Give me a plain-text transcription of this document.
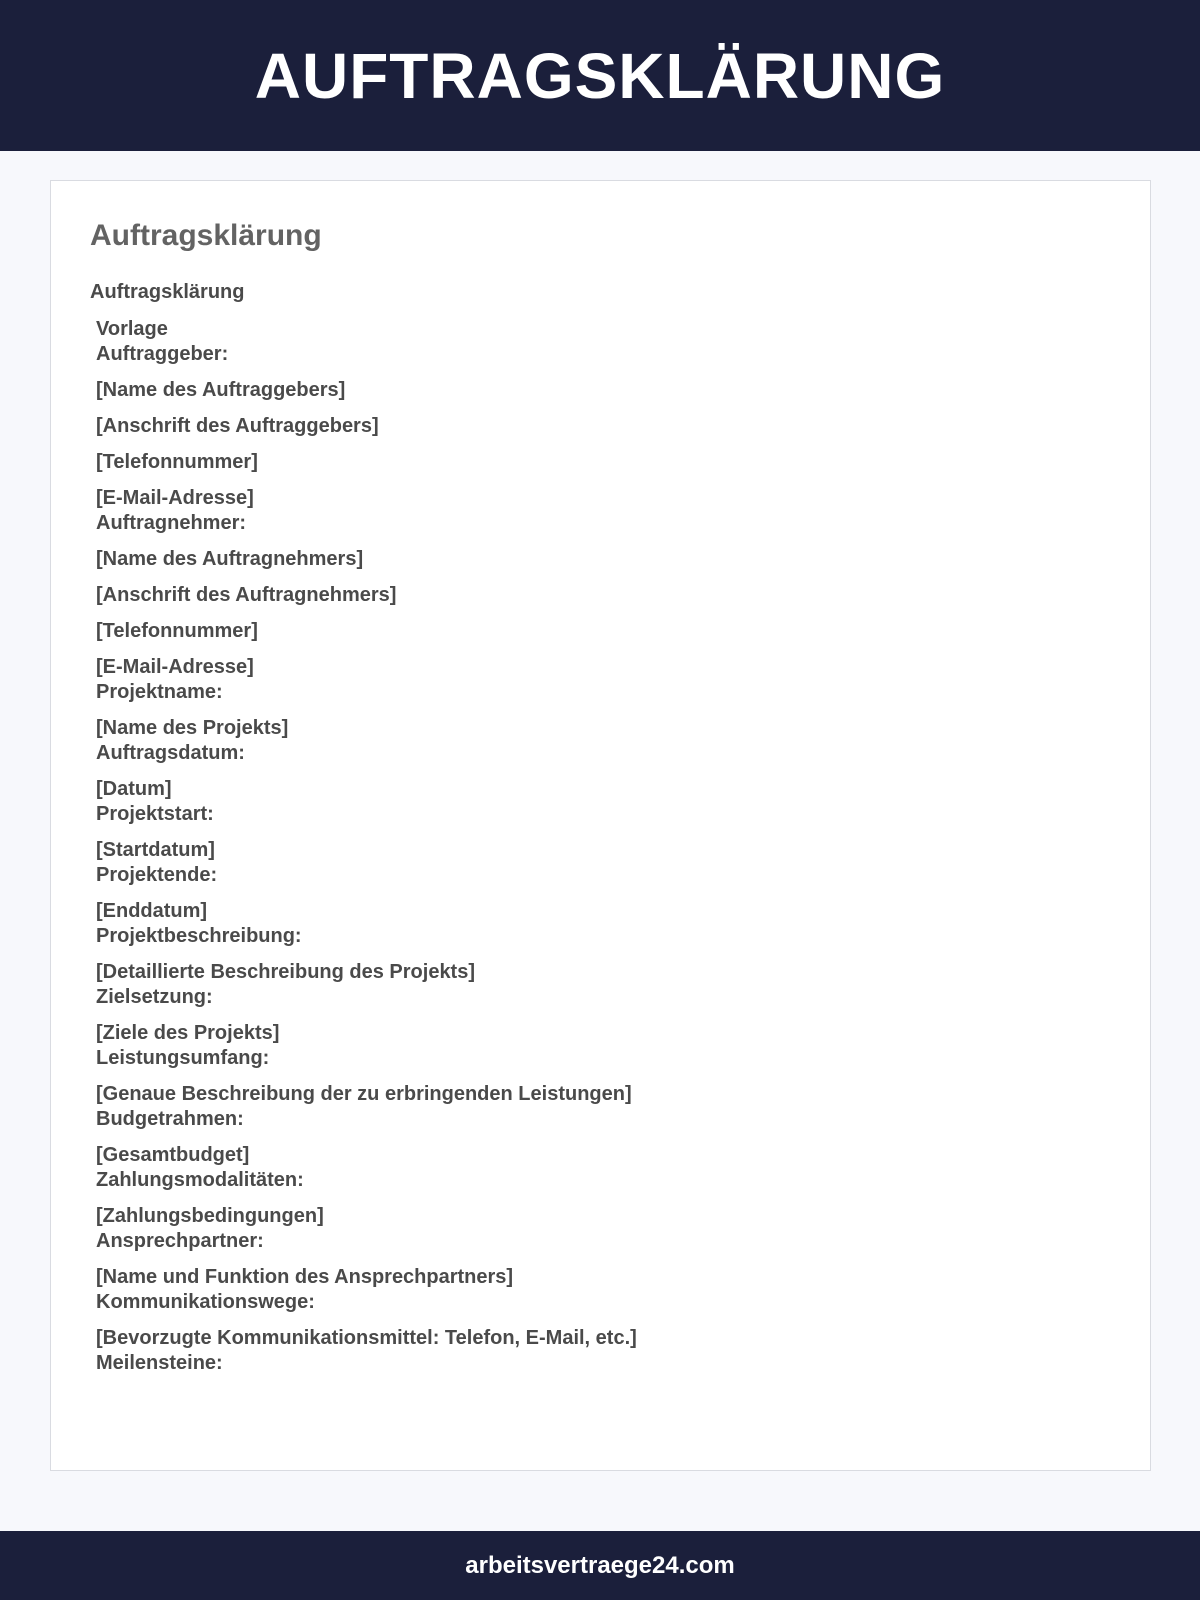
AUFTRAGSKLÄRUNG
Auftragsklärung
Auftragsklärung
Vorlage
Auftraggeber:
[Name des Auftraggebers]
[Anschrift des Auftraggebers]
[Telefonnummer]
[E-Mail-Adresse]
Auftragnehmer:
[Name des Auftragnehmers]
[Anschrift des Auftragnehmers]
[Telefonnummer]
[E-Mail-Adresse]
Projektname:
[Name des Projekts]
Auftragsdatum:
[Datum]
Projektstart:
[Startdatum]
Projektende:
[Enddatum]
Projektbeschreibung:
[Detaillierte Beschreibung des Projekts]
Zielsetzung:
[Ziele des Projekts]
Leistungsumfang:
[Genaue Beschreibung der zu erbringenden Leistungen]
Budgetrahmen:
[Gesamtbudget]
Zahlungsmodalitäten:
[Zahlungsbedingungen]
Ansprechpartner:
[Name und Funktion des Ansprechpartners]
Kommunikationswege:
[Bevorzugte Kommunikationsmittel: Telefon, E-Mail, etc.]
Meilensteine:
arbeitsvertraege24.com
